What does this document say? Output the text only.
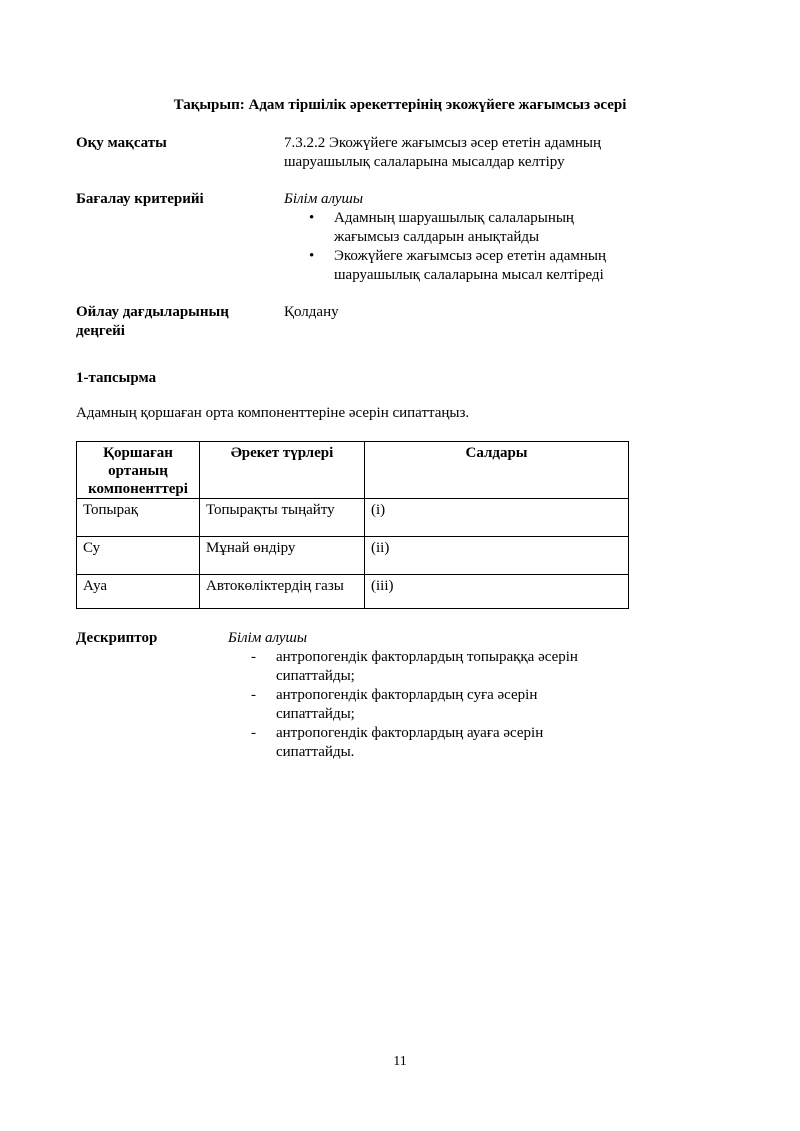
Тақырып: Адам тіршілік әрекеттерінің экожүйеге жағымсыз әсері
Оқу мақсаты	7.3.2.2 Экожүйеге жағымсыз әсер ететін адамның шаруашылық салаларына мысалдар келтіру
Бағалау критерийі	Білім алушы
• Адамның шаруашылық салаларының жағымсыз салдарын анықтайды
• Экожүйеге жағымсыз әсер ететін адамның шаруашылық салаларына мысал келтіреді
Ойлау дағдыларының деңгейі
Қолдану
1-тапсырма
Адамның қоршаған орта компоненттеріне әсерін сипаттаңыз.
Қоршаған ортаның компоненттері	Әрекет түрлері	Салдары
Топырақ	Топырақты тыңайту	(i)
Су	Мұнай өндіру	(ii)
Ауа	Автокөліктердің газы	(iii)
Дескриптор	Білім алушы
- антропогендік факторлардың топыраққа әсерін сипаттайды;
- антропогендік факторлардың суға әсерін сипаттайды;
- антропогендік факторлардың ауаға әсерін сипаттайды.
11
